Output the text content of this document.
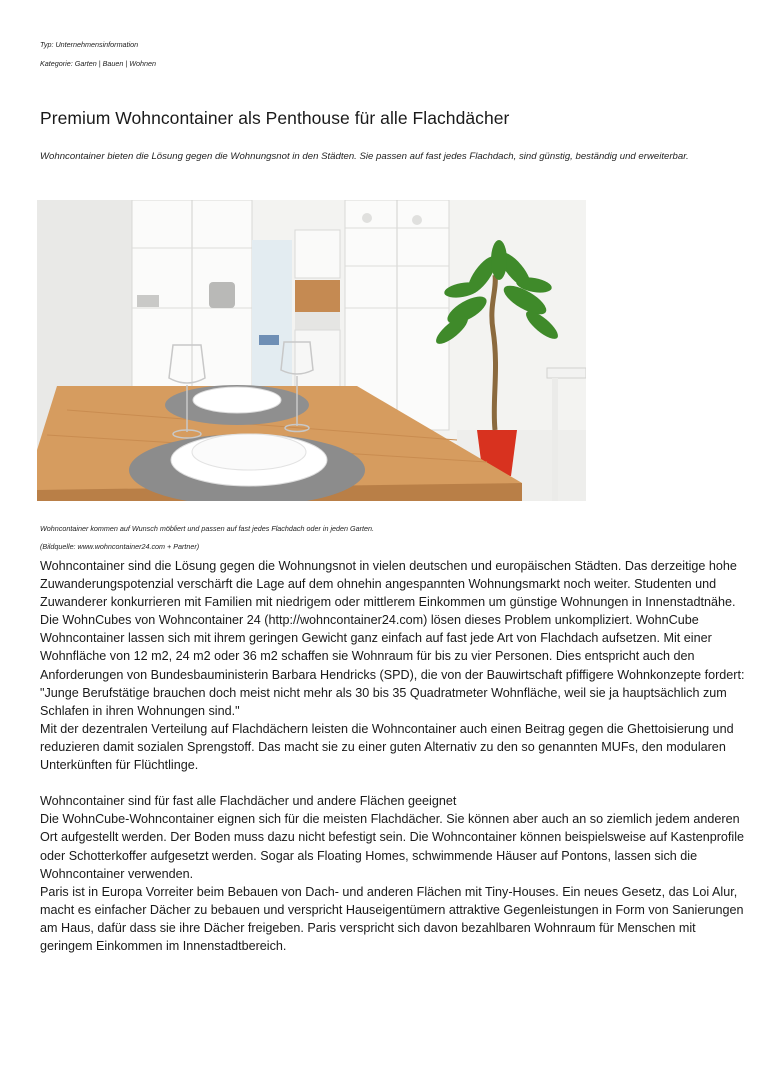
Typ: Unternehmensinformation
Kategorie: Garten | Bauen | Wohnen
Premium Wohncontainer als Penthouse für alle Flachdächer

Wohncontainer bieten die Lösung gegen die Wohnungsnot in den Städten. Sie passen auf fast jedes Flachdach, sind günstig, beständig und erweiterbar.

Wohncontainer kommen auf Wunsch möbliert und passen auf fast jedes Flachdach oder in jeden Garten.

(Bildquelle: www.wohncontainer24.com + Partner)

Wohncontainer sind die Lösung gegen die Wohnungsnot in vielen deutschen und europäischen Städten. Das derzeitige hohe Zuwanderungspotenzial verschärft die Lage auf dem ohnehin angespannten Wohnungsmarkt noch weiter. Studenten und Zuwanderer konkurrieren mit Familien mit niedrigem oder mittlerem Einkommen um günstige Wohnungen in Innenstadtnähe.

Die WohnCubes von Wohncontainer 24 (http://wohncontainer24.com) lösen dieses Problem unkompliziert. WohnCube Wohncontainer lassen sich mit ihrem geringen Gewicht ganz einfach auf fast jede Art von Flachdach aufsetzen. Mit einer Wohnfläche von 12 m2, 24 m2 oder 36 m2 schaffen sie Wohnraum für bis zu vier Personen. Dies entspricht auch den Anforderungen von Bundesbauministerin Barbara Hendricks (SPD), die von der Bauwirtschaft pfiffigere Wohnkonzepte fordert: "Junge Berufstätige brauchen doch meist nicht mehr als 30 bis 35 Quadratmeter Wohnfläche, weil sie ja hauptsächlich zum Schlafen in ihren Wohnungen sind."

Mit der dezentralen Verteilung auf Flachdächern leisten die Wohncontainer auch einen Beitrag gegen die Ghettoisierung und reduzieren damit sozialen Sprengstoff. Das macht sie zu einer guten Alternativ zu den so genannten MUFs, den modularen Unterkünften für Flüchtlinge.

Wohncontainer sind für fast alle Flachdächer und andere Flächen geeignet

Die WohnCube-Wohncontainer eignen sich für die meisten Flachdächer. Sie können aber auch an so ziemlich jedem anderen Ort aufgestellt werden. Der Boden muss dazu nicht befestigt sein. Die Wohncontainer können beispielsweise auf Kastenprofile oder Schotterkoffer aufgesetzt werden. Sogar als Floating Homes, schwimmende Häuser auf Pontons, lassen sich die Wohncontainer verwenden.

Paris ist in Europa Vorreiter beim Bebauen von Dach- und anderen Flächen mit Tiny-Houses. Ein neues Gesetz, das Loi Alur, macht es einfacher Dächer zu bebauen und verspricht Hauseigentümern attraktive Gegenleistungen in Form von Sanierungen am Haus, dafür dass sie ihre Dächer freigeben. Paris verspricht sich davon bezahlbaren Wohnraum für Menschen mit geringem Einkommen im Innenstadtbereich.
